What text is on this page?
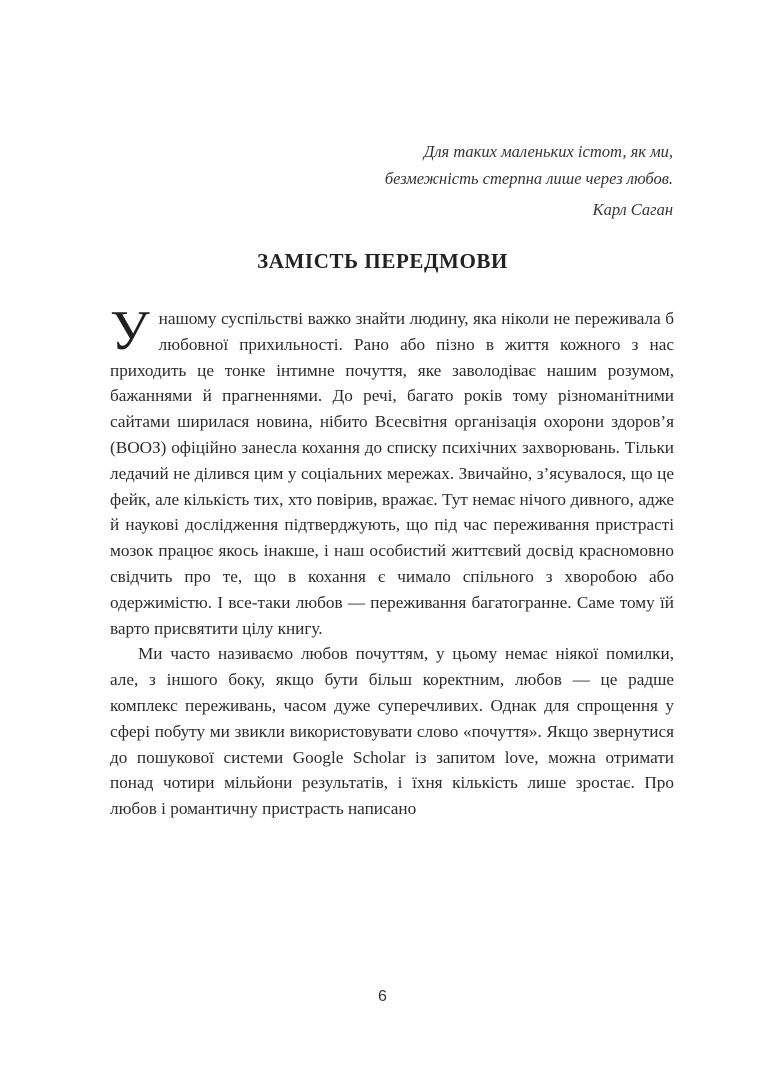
Для таких маленьких істот, як ми,
безмежність стерпна лише через любов.
Карл Саган
ЗАМІСТЬ ПЕРЕДМОВИ

У нашому суспільстві важко знайти людину, яка ніколи не переживала б любовної прихильності. Рано або пізно в життя кожного з нас приходить це тонке інтимне почуття, яке заволодіває нашим розумом, бажаннями й прагненнями. До речі, багато років тому різноманітними сайтами ширилася новина, нібито Всесвітня організація охорони здоров’я (ВООЗ) офіційно занесла кохання до списку психічних захворювань. Тільки ледачий не ділився цим у соціальних мережах. Звичайно, з’ясувалося, що це фейк, але кількість тих, хто повірив, вражає. Тут немає нічого дивного, адже й наукові дослідження підтверджують, що під час переживання пристрасті мозок працює якось інакше, і наш особистий життєвий досвід красномовно свідчить про те, що в кохання є чимало спільного з хворобою або одержимістю. І все-таки любов — переживання багатогранне. Саме тому їй варто присвятити цілу книгу.

Ми часто називаємо любов почуттям, у цьому немає ніякої помилки, але, з іншого боку, якщо бути більш коректним, любов — це радше комплекс переживань, часом дуже суперечливих. Однак для спрощення у сфері побуту ми звикли використовувати слово «почуття». Якщо звернутися до пошукової системи Google Scholar із запитом love, можна отримати понад чотири мільйони результатів, і їхня кількість лише зростає. Про любов і романтичну пристрасть написано

6
